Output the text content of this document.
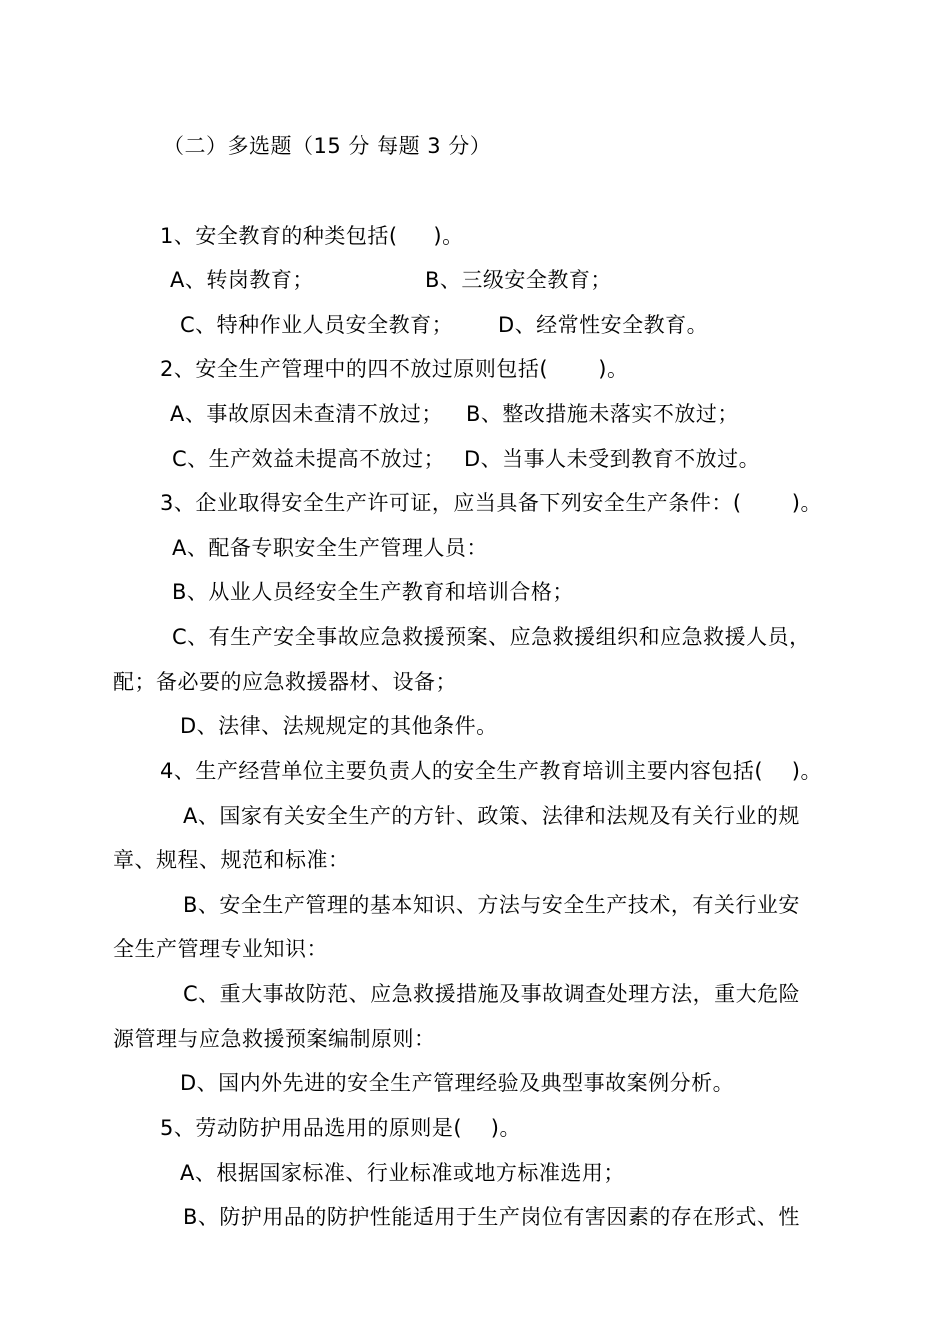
（二）多选题（15 分 每题 3 分）
1、安全教育的种类包括(     )。
A、转岗教育；	B、三级安全教育；
C、特种作业人员安全教育； D、经常性安全教育。
2、安全生产管理中的四不放过原则包括(       )。
A、事故原因未查清不放过； B、整改措施未落实不放过；
C、生产效益未提高不放过； D、当事人未受到教育不放过。
3、企业取得安全生产许可证，应当具备下列安全生产条件：(       )。
A、配备专职安全生产管理人员：
B、从业人员经安全生产教育和培训合格；
C、有生产安全事故应急救援预案、应急救援组织和应急救援人员，
配；备必要的应急救援器材、设备；
D、法律、法规规定的其他条件。
4、生产经营单位主要负责人的安全生产教育培训主要内容包括(    )。
A、国家有关安全生产的方针、政策、法律和法规及有关行业的规
章、规程、规范和标准：
B、安全生产管理的基本知识、方法与安全生产技术，有关行业安
全生产管理专业知识：
C、重大事故防范、应急救援措施及事故调查处理方法，重大危险
源管理与应急救援预案编制原则：
D、国内外先进的安全生产管理经验及典型事故案例分析。
5、劳动防护用品选用的原则是(    )。
A、根据国家标准、行业标准或地方标准选用；
B、防护用品的防护性能适用于生产岗位有害因素的存在形式、性
